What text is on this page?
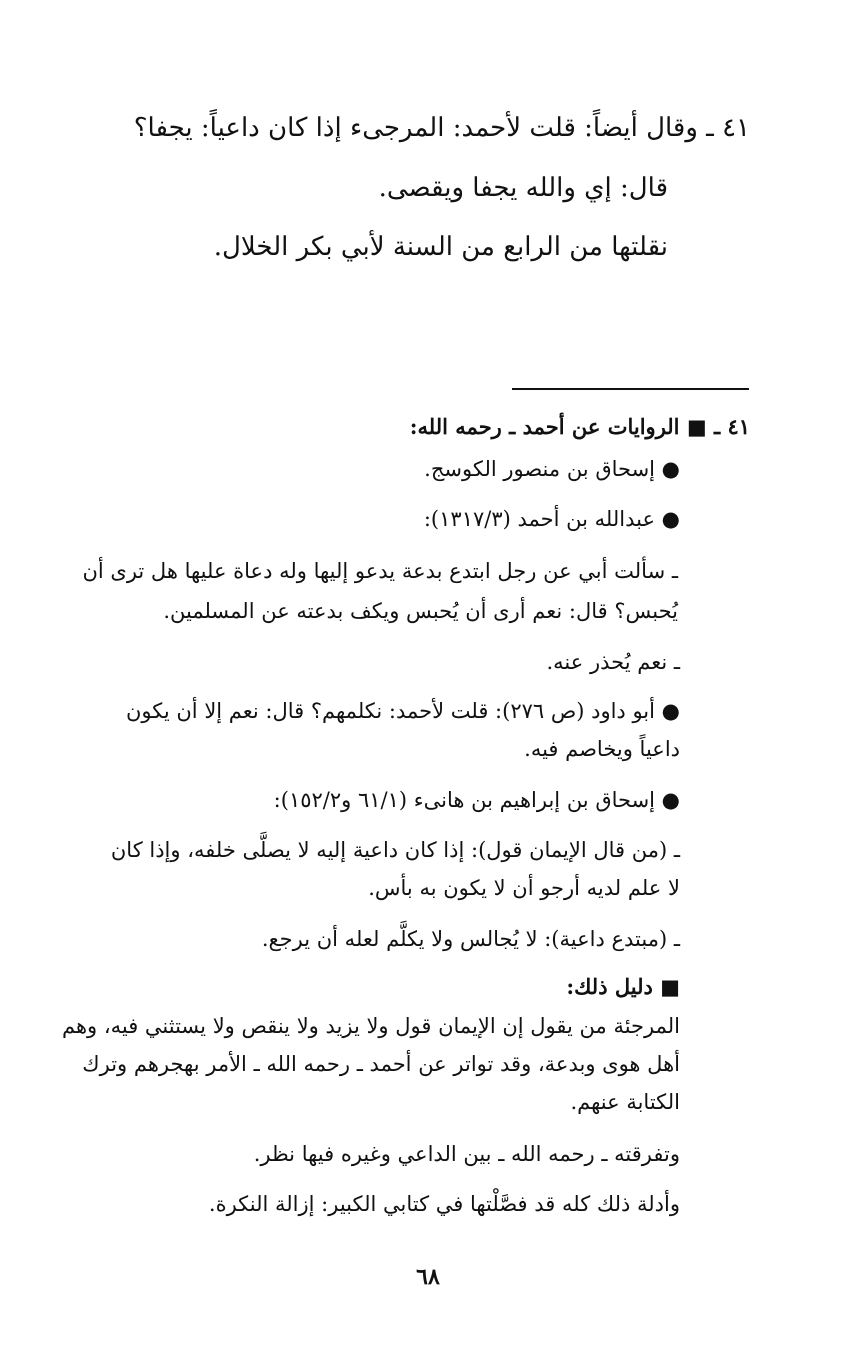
٤١ ـ وقال أيضاً: قلت لأحمد: المرجىء إذا كان داعياً: يجفا؟
قال: إي والله يجفا ويقصى.
نقلتها من الرابع من السنة لأبي بكر الخلال.
٤١ ـ ■ الروايات عن أحمد ـ رحمه الله:
● إسحاق بن منصور الكوسج.
● عبدالله بن أحمد (١٣١٧/٣):
ـ سألت أبي عن رجل ابتدع بدعة يدعو إليها وله دعاة عليها هل ترى أن
يُحبس؟ قال: نعم أرى أن يُحبس ويكف بدعته عن المسلمين.
ـ نعم يُحذر عنه.
● أبو داود (ص ٢٧٦): قلت لأحمد: نكلمهم؟ قال: نعم إلا أن يكون
داعياً ويخاصم فيه.
● إسحاق بن إبراهيم بن هانىء (٦١/١ و١٥٢/٢):
ـ (من قال الإيمان قول): إذا كان داعية إليه لا يصلَّى خلفه، وإذا كان
لا علم لديه أرجو أن لا يكون به بأس.
ـ (مبتدع داعية): لا يُجالس ولا يكلَّم لعله أن يرجع.
■ دليل ذلك:
المرجئة من يقول إن الإيمان قول ولا يزيد ولا ينقص ولا يستثني فيه، وهم
أهل هوى وبدعة، وقد تواتر عن أحمد ـ رحمه الله ـ الأمر بهجرهم وترك
الكتابة عنهم.
وتفرقته ـ رحمه الله ـ بين الداعي وغيره فيها نظر.
وأدلة ذلك كله قد فصَّلْتها في كتابي الكبير: إزالة النكرة.
٦٨
